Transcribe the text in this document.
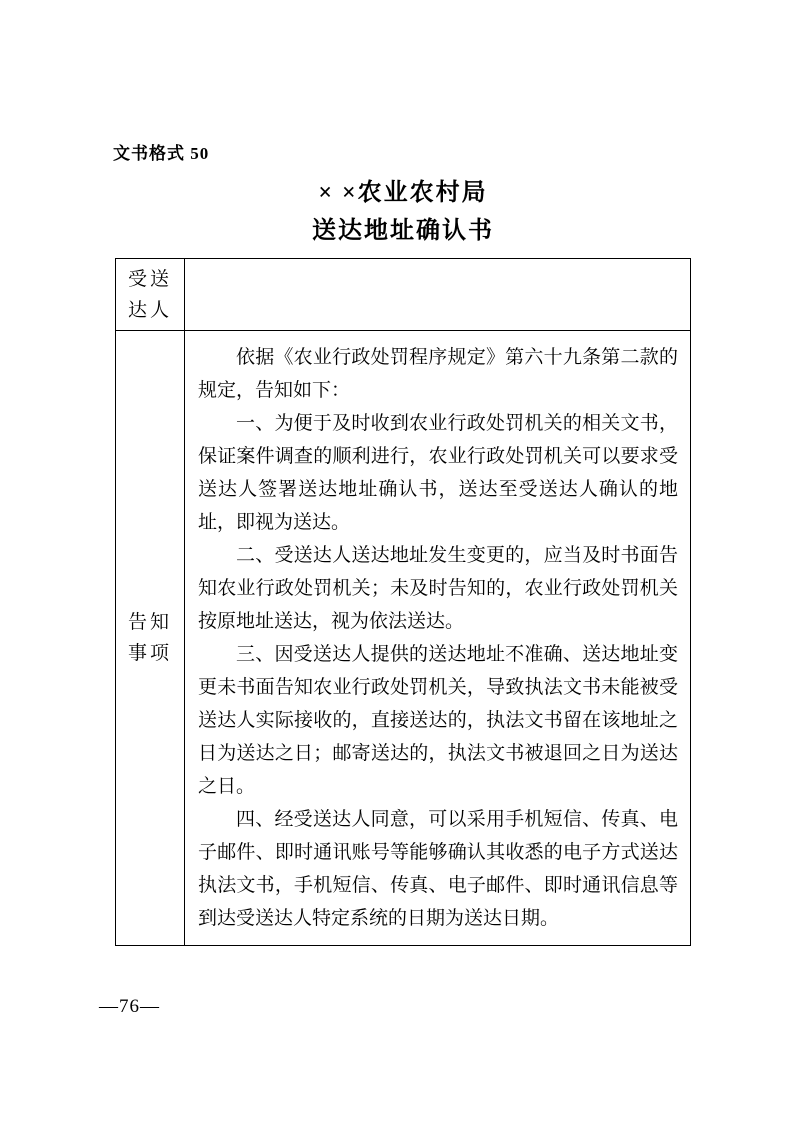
文书格式 50
× ×农业农村局
送达地址确认书
受送达人	
告知事项	依据《农业行政处罚程序规定》第六十九条第二款的规定，告知如下：

一、为便于及时收到农业行政处罚机关的相关文书，保证案件调查的顺利进行，农业行政处罚机关可以要求受送达人签署送达地址确认书，送达至受送达人确认的地址，即视为送达。

二、受送达人送达地址发生变更的，应当及时书面告知农业行政处罚机关；未及时告知的，农业行政处罚机关按原地址送达，视为依法送达。

三、因受送达人提供的送达地址不准确、送达地址变更未书面告知农业行政处罚机关，导致执法文书未能被受送达人实际接收的，直接送达的，执法文书留在该地址之日为送达之日；邮寄送达的，执法文书被退回之日为送达之日。

四、经受送达人同意，可以采用手机短信、传真、电子邮件、即时通讯账号等能够确认其收悉的电子方式送达执法文书，手机短信、传真、电子邮件、即时通讯信息等到达受送达人特定系统的日期为送达日期。

—76—
